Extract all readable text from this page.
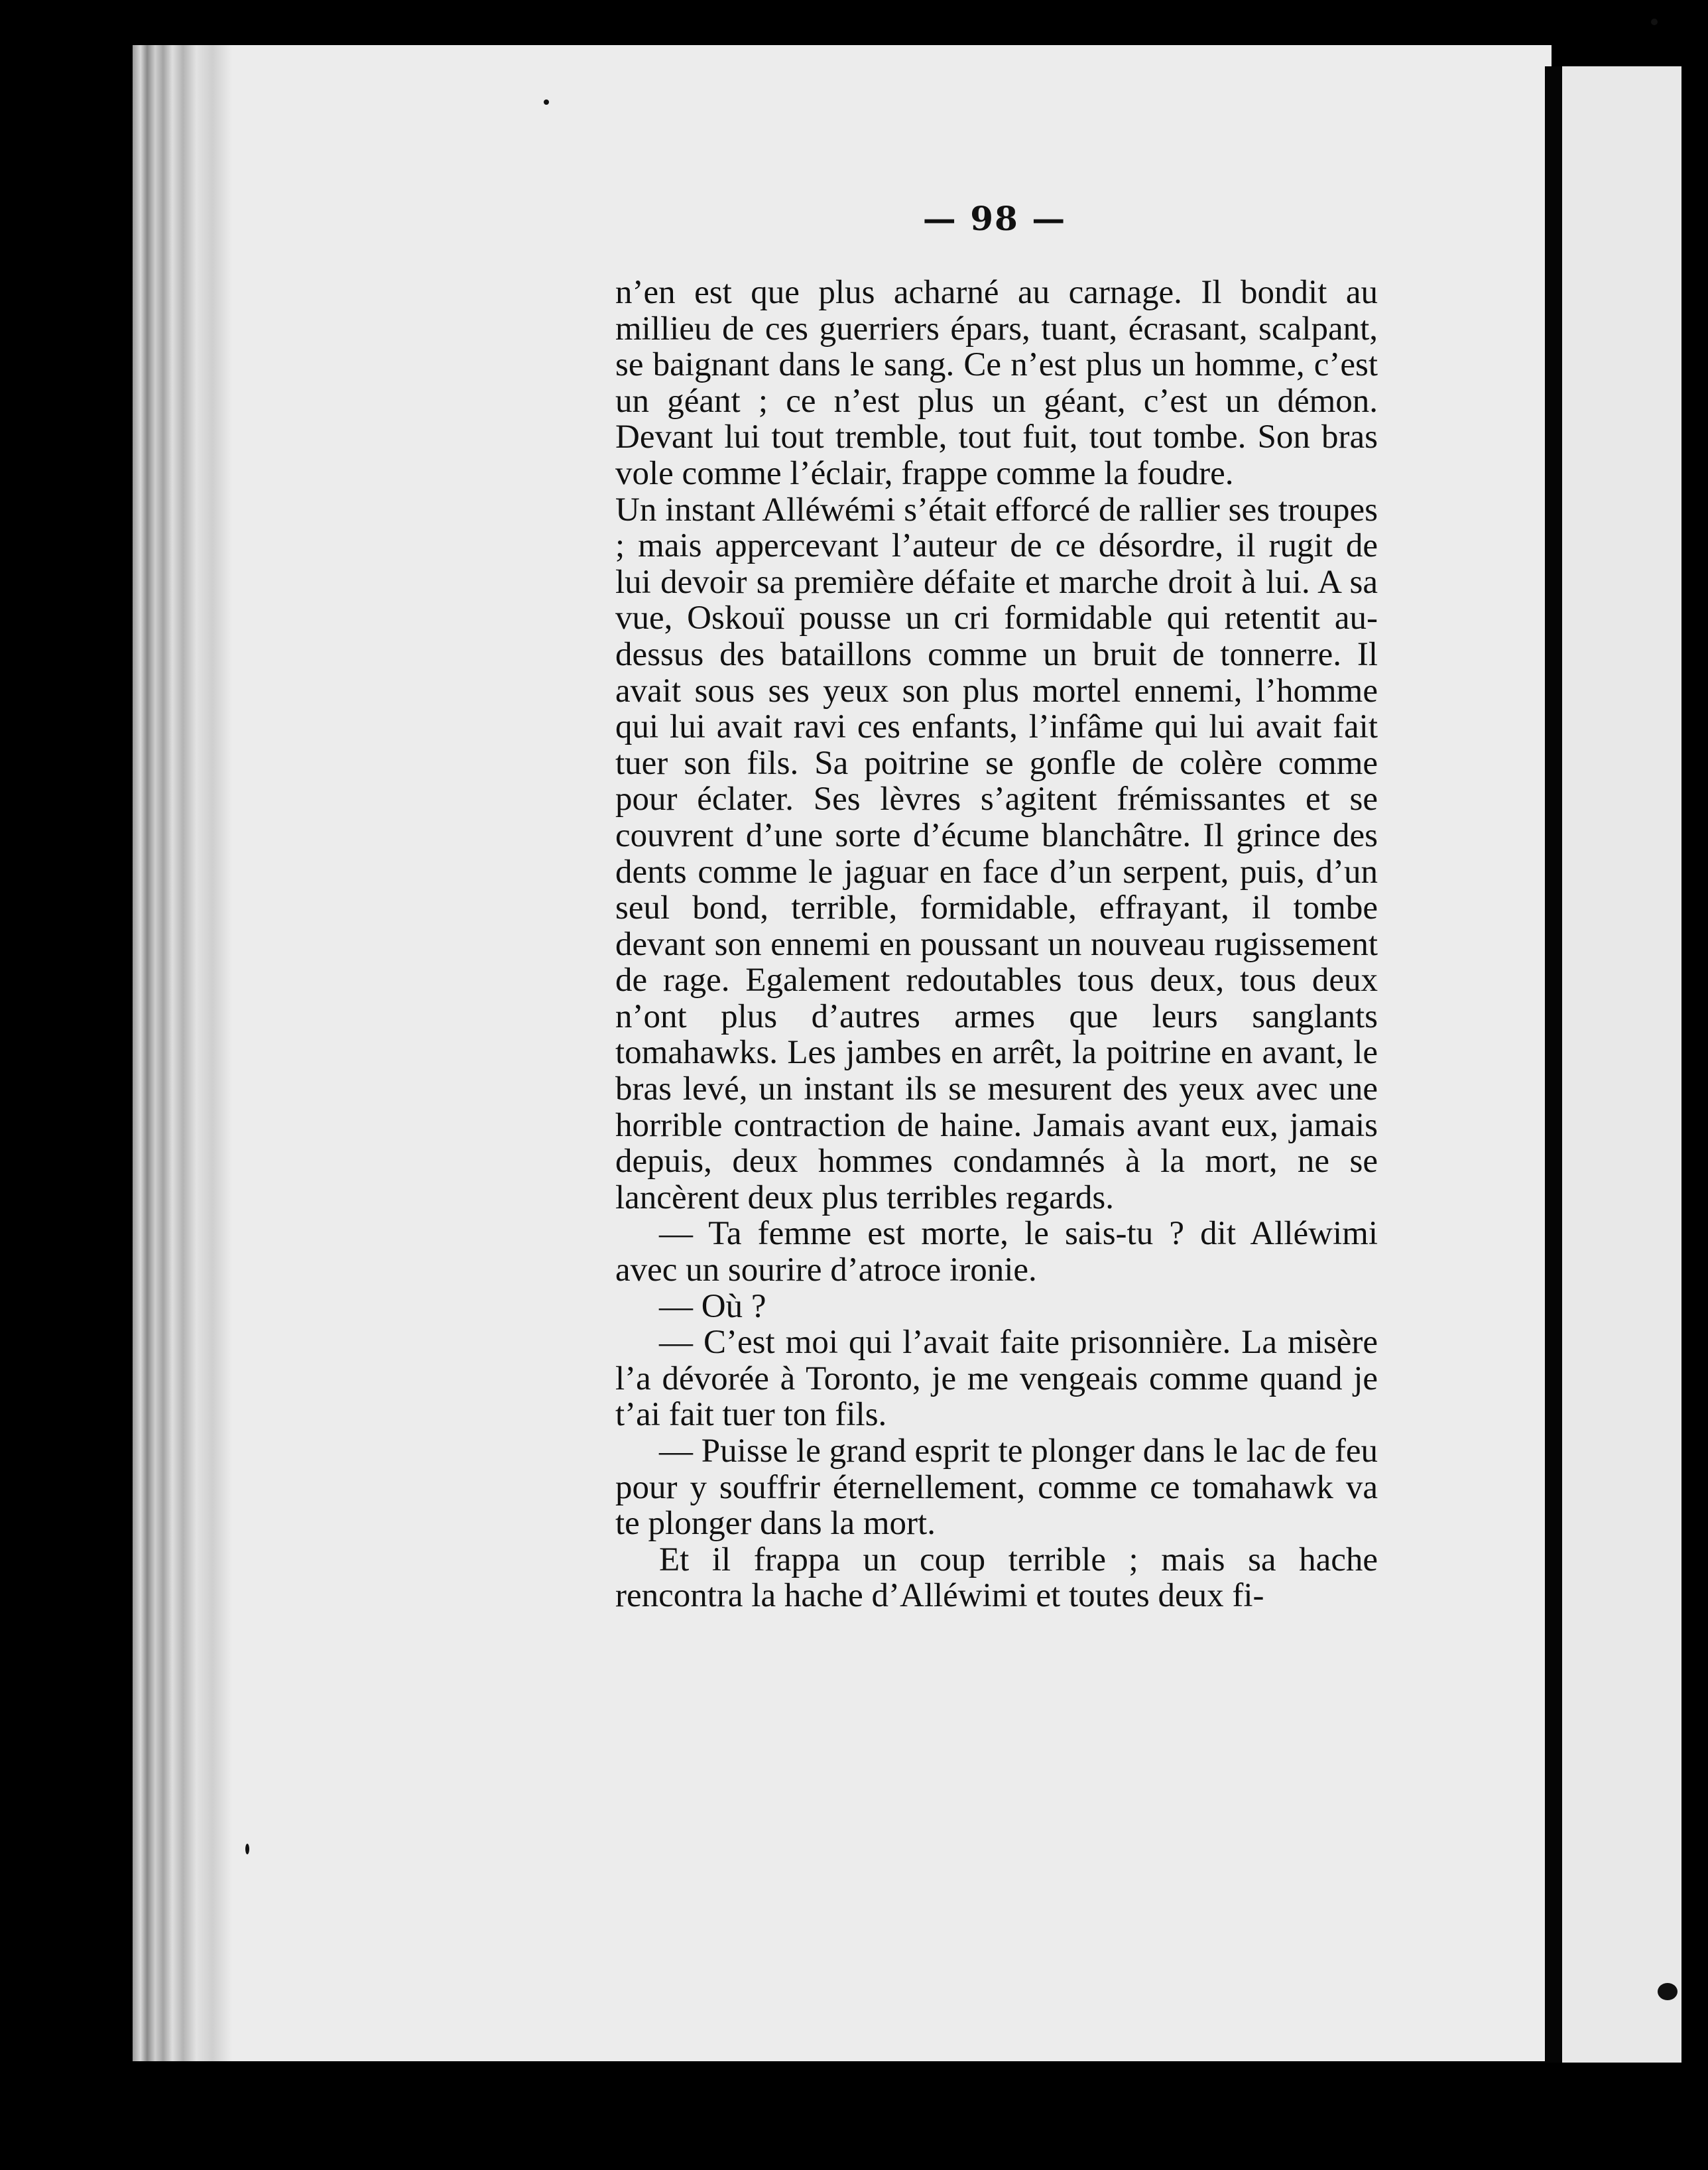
— 98 —

n’en est que plus acharné au carnage. Il bondit au millieu de ces guerriers épars, tuant, écrasant, scalpant, se baignant dans le sang. Ce n’est plus un homme, c’est un géant ; ce n’est plus un géant, c’est un démon. Devant lui tout tremble, tout fuit, tout tombe. Son bras vole comme l’éclair, frappe comme la foudre.

Un instant Alléwémi s’était efforcé de rallier ses troupes ; mais appercevant l’auteur de ce désordre, il rugit de lui devoir sa première défaite et marche droit à lui. A sa vue, Oskouï pousse un cri formidable qui retentit au-dessus des bataillons comme un bruit de tonnerre. Il avait sous ses yeux son plus mortel ennemi, l’homme qui lui avait ravi ces enfants, l’infâme qui lui avait fait tuer son fils. Sa poitrine se gonfle de colère comme pour éclater. Ses lèvres s’agitent frémissantes et se couvrent d’une sorte d’écume blanchâtre. Il grince des dents comme le jaguar en face d’un serpent, puis, d’un seul bond, terrible, formidable, effrayant, il tombe devant son ennemi en poussant un nouveau rugissement de rage. Egalement redoutables tous deux, tous deux n’ont plus d’autres armes que leurs sanglants tomahawks. Les jambes en arrêt, la poitrine en avant, le bras levé, un instant ils se mesurent des yeux avec une horrible contraction de haine. Jamais avant eux, jamais depuis, deux hommes condamnés à la mort, ne se lancèrent deux plus terribles regards.

— Ta femme est morte, le sais-tu ? dit Alléwimi avec un sourire d’atroce ironie.

— Où ?

— C’est moi qui l’avait faite prisonnière. La misère l’a dévorée à Toronto, je me vengeais comme quand je t’ai fait tuer ton fils.

— Puisse le grand esprit te plonger dans le lac de feu pour y souffrir éternellement, comme ce tomahawk va te plonger dans la mort.

Et il frappa un coup terrible ; mais sa hache rencontra la hache d’Alléwimi et toutes deux fi-
